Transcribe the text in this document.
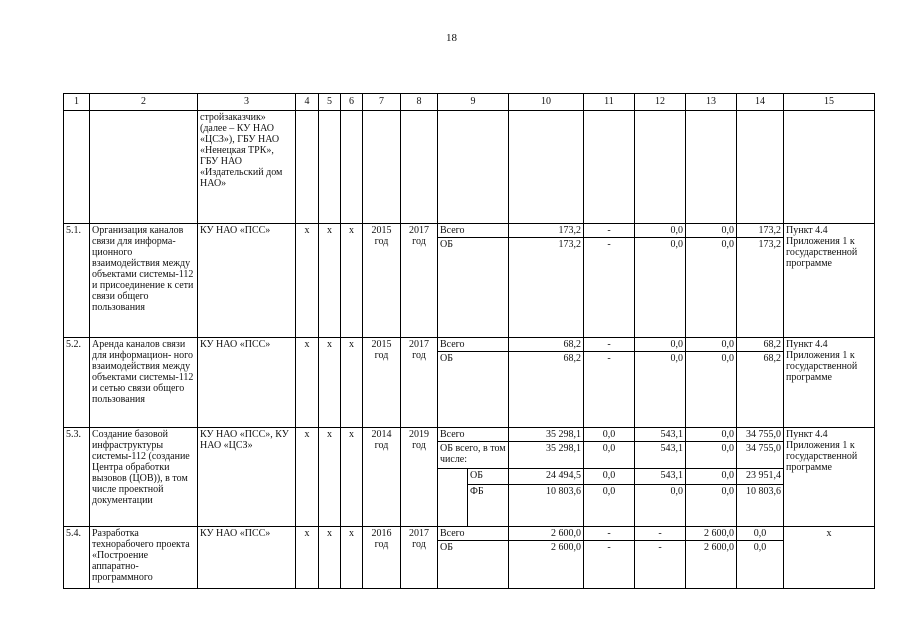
18
1	2	3	4	5	6	7	8	9		10	11	12	13	14	15
		стройзаказчик» (далее – КУ НАО «ЦСЗ»), ГБУ НАО «Ненецкая ТРК», ГБУ НАО «Издательский дом НАО»													
5.1.	Организация каналов связи для информа- ционного взаимодействия между объектами системы-112 и присоединение к сети связи общего пользования	КУ НАО «ПСС»	х	х	х	2015 год	2017 год	Всего		173,2	-	0,0	0,0	173,2	Пункт 4.4 Приложения 1 к государственной программе
								ОБ		173,2	-	0,0	0,0	173,2	
5.2.	Аренда каналов связи для информацион- ного взаимодействия между объектами системы-112 и сетью связи общего пользования	КУ НАО «ПСС»	х	х	х	2015 год	2017 год	Всего		68,2	-	0,0	0,0	68,2	Пункт 4.4 Приложения 1 к государственной программе
								ОБ		68,2	-	0,0	0,0	68,2	
5.3.	Создание базовой инфраструктуры системы-112 (создание Центра обработки вызовов (ЦОВ)), в том числе проектной документации	КУ НАО «ПСС», КУ НАО «ЦСЗ»	х	х	х	2014 год	2019 год	Всего		35 298,1	0,0	543,1	0,0	34 755,0	Пункт 4.4 Приложения 1 к государственной программе
								ОБ всего, в том числе:		35 298,1	0,0	543,1	0,0	34 755,0	
									ОБ	24 494,5	0,0	543,1	0,0	23 951,4	
									ФБ	10 803,6	0,0	0,0	0,0	10 803,6	
5.4.	Разработка технорабочего проекта «Построение аппаратно- программного	КУ НАО «ПСС»	х	х	х	2016 год	2017 год	Всего		2 600,0	-	-	2 600,0	0,0	х
								ОБ		2 600,0	-	-	2 600,0	0,0	
